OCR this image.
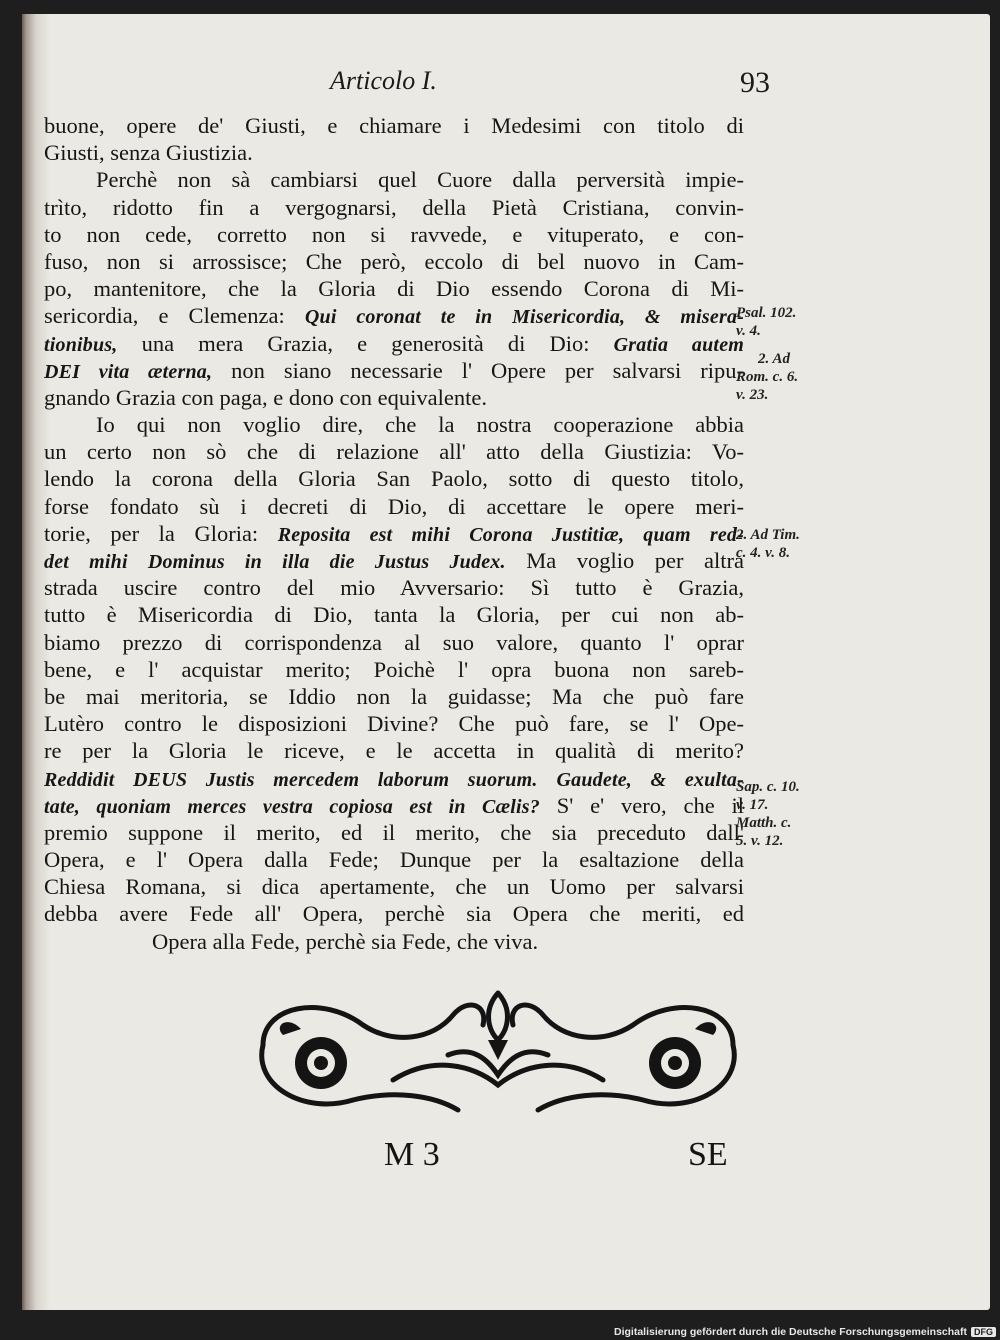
Articolo I.	93
buone, opere de' Giusti, e chiamare i Medesimi con titolo di
Giusti, senza Giustizia.
Perchè non sà cambiarsi quel Cuore dalla perversità impie-
trìto, ridotto fin a vergognarsi, della Pietà Cristiana, convin-
to non cede, corretto non si ravvede, e vituperato, e con-
fuso, non si arrossisce; Che però, eccolo di bel nuovo in Cam-
po, mantenitore, che la Gloria di Dio essendo Corona di Mi-
sericordia, e Clemenza: Qui coronat te in Misericordia, & misera-
tionibus, una mera Grazia, e generosità di Dio: Gratia autem
DEI vita æterna, non siano necessarie l' Opere per salvarsi ripu-
gnando Grazia con paga, e dono con equivalente.
Io qui non voglio dire, che la nostra cooperazione abbia
un certo non sò che di relazione all' atto della Giustizia: Vo-
lendo la corona della Gloria San Paolo, sotto di questo titolo,
forse fondato sù i decreti di Dio, di accettare le opere meri-
torie, per la Gloria: Reposita est mihi Corona Justitiæ, quam red-
det mihi Dominus in illa die Justus Judex. Ma voglio per altra
strada uscire contro del mio Avversario: Sì tutto è Grazia,
tutto è Misericordia di Dio, tanta la Gloria, per cui non ab-
biamo prezzo di corrispondenza al suo valore, quanto l' oprar
bene, e l' acquistar merito; Poichè l' opra buona non sareb-
be mai meritoria, se Iddio non la guidasse; Ma che può fare
Lutèro contro le disposizioni Divine? Che può fare, se l' Ope-
re per la Gloria le riceve, e le accetta in qualità di merito?
Reddidit DEUS Justis mercedem laborum suorum. Gaudete, & exulta-
tate, quoniam merces vestra copiosa est in Cælis? S' e' vero, che il
premio suppone il merito, ed il merito, che sia preceduto dall'
Opera, e l' Opera dalla Fede; Dunque per la esaltazione della
Chiesa Romana, si dica apertamente, che un Uomo per salvarsi
debba avere Fede all' Opera, perchè sia Opera che meriti, ed
Opera alla Fede, perchè sia Fede, che viva.
Psal. 102.
v. 4.
2. Ad
Rom. c. 6.
v. 23.
2. Ad Tim.
c. 4. v. 8.
Sap. c. 10.
v. 17.
Matth. c.
5. v. 12.
M 3	SE
Digitalisierung gefördert durch die Deutsche Forschungsgemeinschaft DFG
